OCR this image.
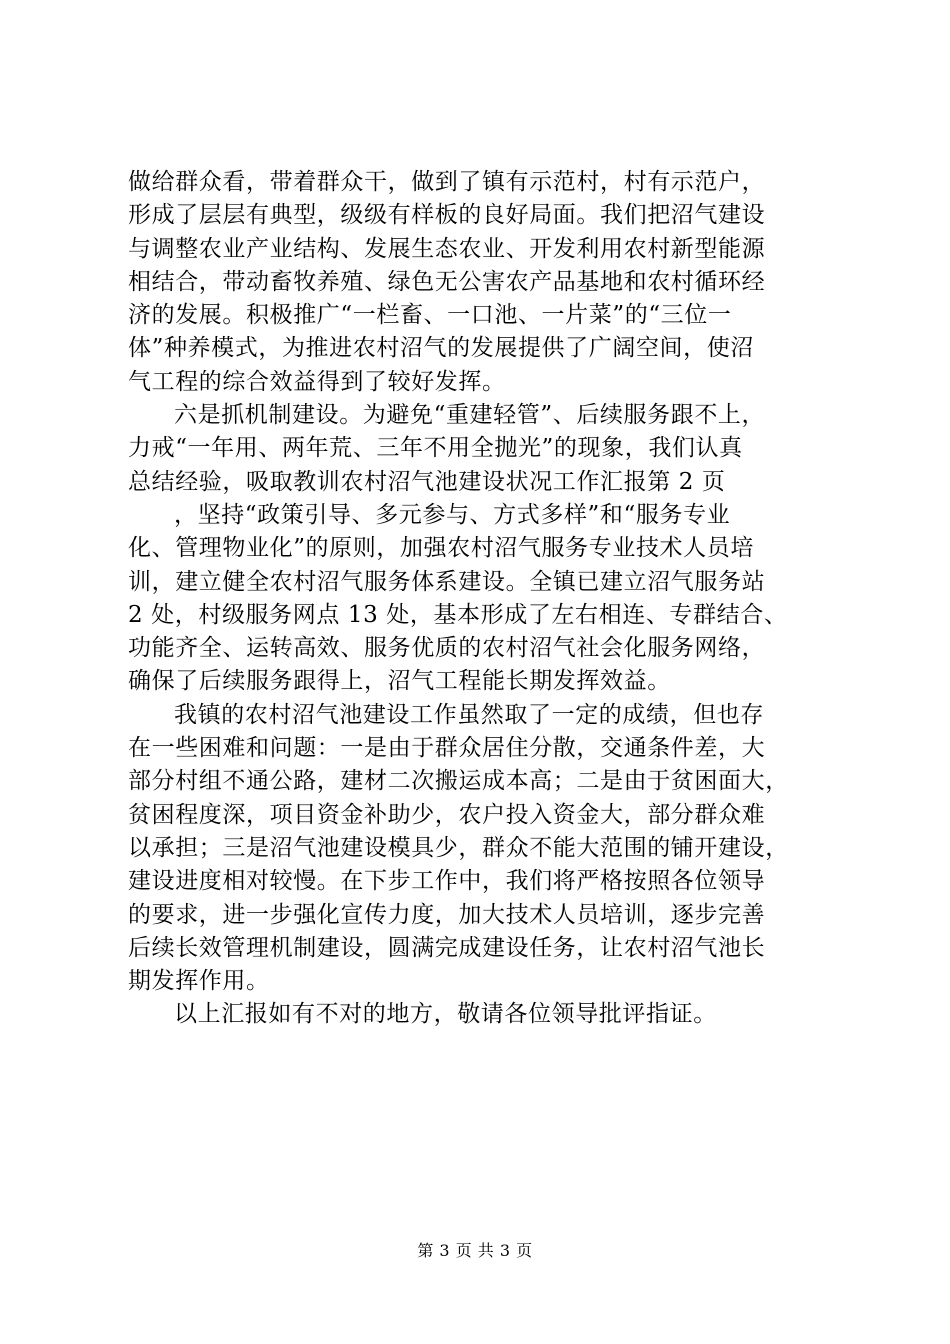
做给群众看，带着群众干，做到了镇有示范村，村有示范户，
形成了层层有典型，级级有样板的良好局面。我们把沼气建设
与调整农业产业结构、发展生态农业、开发利用农村新型能源
相结合，带动畜牧养殖、绿色无公害农产品基地和农村循环经
济的发展。积极推广“一栏畜、一口池、一片菜”的“三位一
体”种养模式，为推进农村沼气的发展提供了广阔空间，使沼
气工程的综合效益得到了较好发挥。
六是抓机制建设。为避免“重建轻管”、后续服务跟不上，
力戒“一年用、两年荒、三年不用全抛光”的现象，我们认真
总结经验，吸取教训农村沼气池建设状况工作汇报第 2 页
，坚持“政策引导、多元参与、方式多样”和“服务专业
化、管理物业化”的原则，加强农村沼气服务专业技术人员培
训，建立健全农村沼气服务体系建设。全镇已建立沼气服务站
2 处，村级服务网点 13 处，基本形成了左右相连、专群结合、
功能齐全、运转高效、服务优质的农村沼气社会化服务网络，
确保了后续服务跟得上，沼气工程能长期发挥效益。
我镇的农村沼气池建设工作虽然取了一定的成绩，但也存
在一些困难和问题：一是由于群众居住分散，交通条件差，大
部分村组不通公路，建材二次搬运成本高；二是由于贫困面大，
贫困程度深，项目资金补助少，农户投入资金大，部分群众难
以承担；三是沼气池建设模具少，群众不能大范围的铺开建设，
建设进度相对较慢。在下步工作中，我们将严格按照各位领导
的要求，进一步强化宣传力度，加大技术人员培训，逐步完善
后续长效管理机制建设，圆满完成建设任务，让农村沼气池长
期发挥作用。
以上汇报如有不对的地方，敬请各位领导批评指证。
第 3 页 共 3 页
